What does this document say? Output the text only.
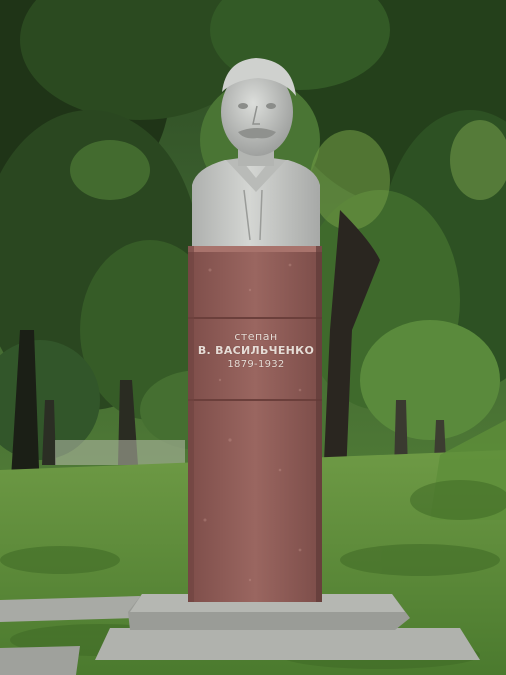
степан
В. ВАСИЛЬЧЕНКО
1879-1932
